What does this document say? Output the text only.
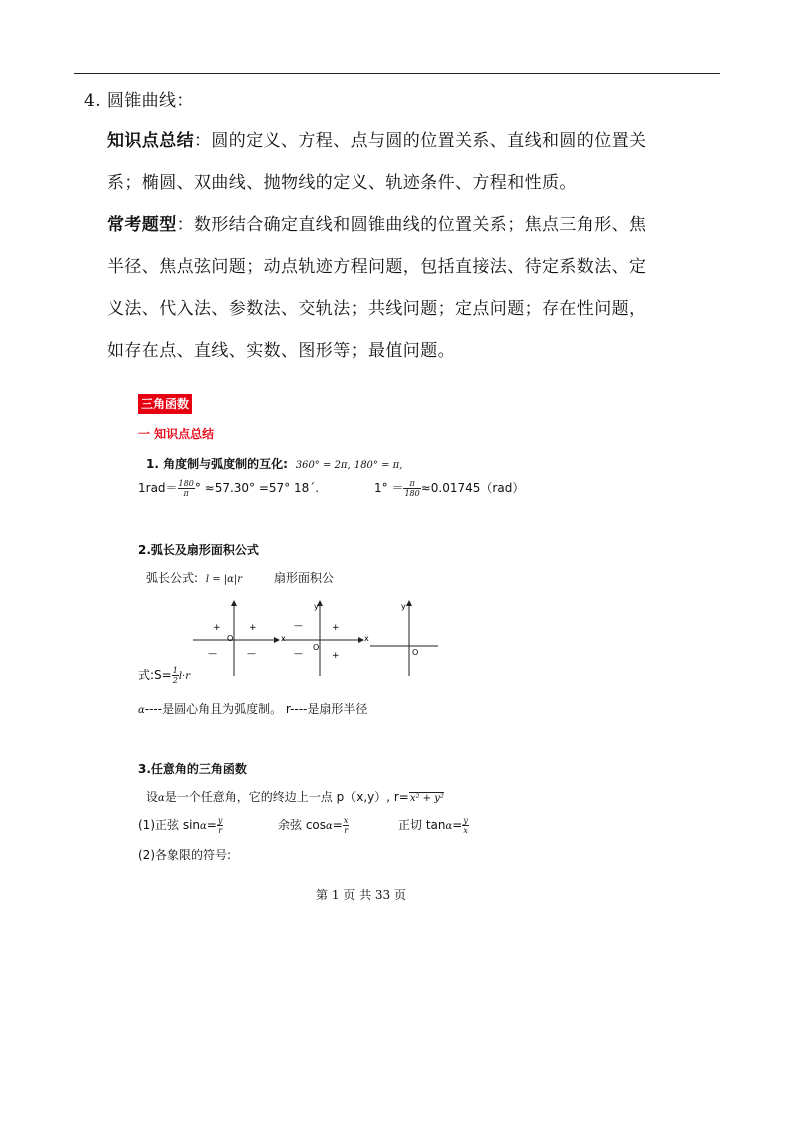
4. 圆锥曲线：
知识点总结：圆的定义、方程、点与圆的位置关系、直线和圆的位置关
系；椭圆、双曲线、抛物线的定义、轨迹条件、方程和性质。
常考题型：数形结合确定直线和圆锥曲线的位置关系；焦点三角形、焦
半径、焦点弦问题；动点轨迹方程问题，包括直接法、待定系数法、定
义法、代入法、参数法、交轨法；共线问题；定点问题；存在性问题，
如存在点、直线、实数、图形等；最值问题。
三角函数
一 知识点总结
1. 角度制与弧度制的互化: 360° = 2π, 180° = π,
$1rad= \frac{180}{\pi}$ ° ≈57.30° =57° 18´.	$1^\circ = \frac{\pi}{180} \approx 0.01745(rad)$
2.弧长及扇形面积公式
弧长公式: l = |α|r	扇形面积公
+	+
—	—
O	x
y
x
—	+
—	+
O
y
O
式:S= $\frac{1}{2} l\cdot r$
α----是圆心角且为弧度制。 r----是扇形半径
3.任意角的三角函数
设α是一个任意角，它的终边上一点 p（x,y）, r=x² + y²
(1)正弦 $\sin\alpha= \frac{y}{r}$	余弦 $\cos\alpha= \frac{x}{r}$	正切 $\tan\alpha= \frac{y}{x}$
(2)各象限的符号:
第 1 页 共 33 页
